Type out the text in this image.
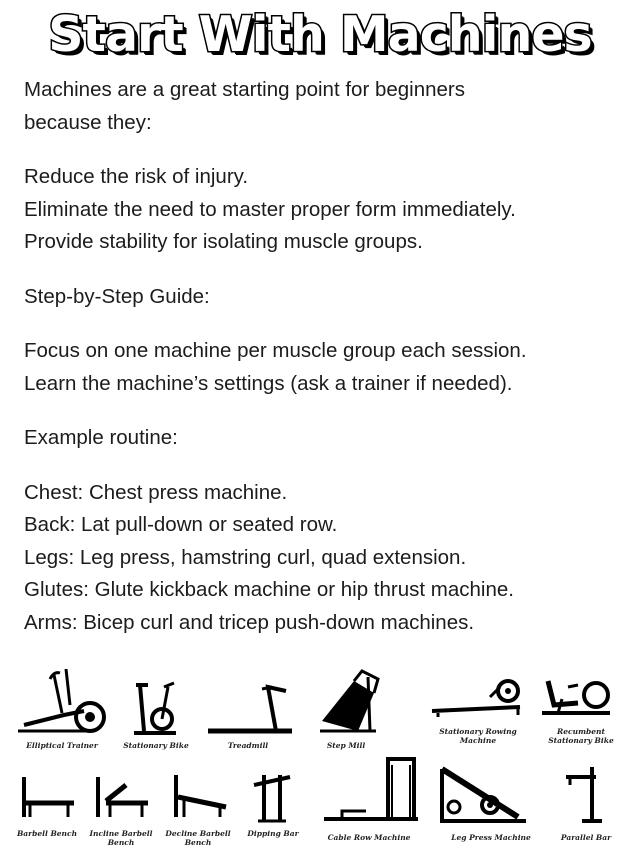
Start With Machines

Machines are a great starting point for beginners

because they:

Reduce the risk of injury.

Eliminate the need to master proper form immediately.

Provide stability for isolating muscle groups.

Step-by-Step Guide:

Focus on one machine per muscle group each session.

Learn the machine’s settings (ask a trainer if needed).

Example routine:

Chest: Chest press machine.

Back: Lat pull-down or seated row.

Legs: Leg press, hamstring curl, quad extension.

Glutes: Glute kickback machine or hip thrust machine.

Arms: Bicep curl and tricep push-down machines.

Elliptical Trainer	Stationary Bike	Treadmill	Step Mill
Stationary Rowing Machine
Recumbent Stationary Bike
Barbell Bench	Incline Barbell Bench
Decline Barbell Bench
Dipping Bar	Cable Row Machine	Leg Press Machine	Parallel Bar
